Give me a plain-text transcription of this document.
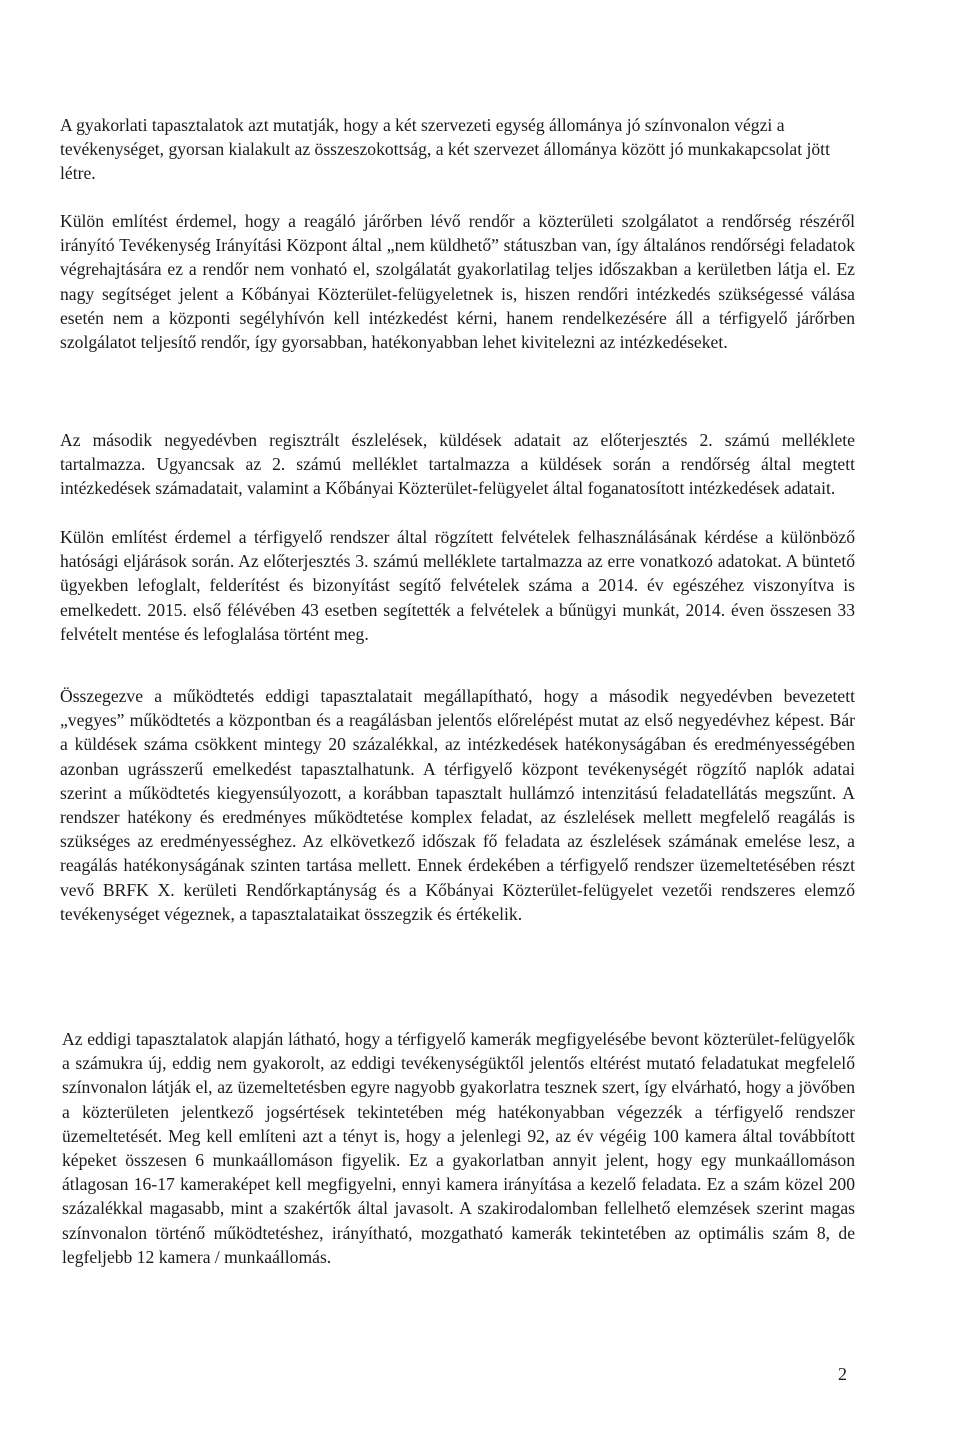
A gyakorlati tapasztalatok azt mutatják, hogy a két szervezeti egység állománya jó színvonalon végzi a tevékenységet, gyorsan kialakult az összeszokottság, a két szervezet állománya között jó munkakapcsolat jött létre.

Külön említést érdemel, hogy a reagáló járőrben lévő rendőr a közterületi szolgálatot a rendőrség részéről irányító Tevékenység Irányítási Központ által „nem küldhető” státuszban van, így általános rendőrségi feladatok végrehajtására ez a rendőr nem vonható el, szolgálatát gyakorlatilag teljes időszakban a kerületben látja el. Ez nagy segítséget jelent a Kőbányai Közterület-felügyeletnek is, hiszen rendőri intézkedés szükségessé válása esetén nem a központi segélyhívón kell intézkedést kérni, hanem rendelkezésére áll a térfigyelő járőrben szolgálatot teljesítő rendőr, így gyorsabban, hatékonyabban lehet kivitelezni az intézkedéseket.

Az második negyedévben regisztrált észlelések, küldések adatait az előterjesztés 2. számú melléklete tartalmazza. Ugyancsak az 2. számú melléklet tartalmazza a küldések során a rendőrség által megtett intézkedések számadatait, valamint a Kőbányai Közterület-felügyelet által foganatosított intézkedések adatait.

Külön említést érdemel a térfigyelő rendszer által rögzített felvételek felhasználásának kérdése a különböző hatósági eljárások során. Az előterjesztés 3. számú melléklete tartalmazza az erre vonatkozó adatokat. A büntető ügyekben lefoglalt, felderítést és bizonyítást segítő felvételek száma a 2014. év egészéhez viszonyítva is emelkedett. 2015. első félévében 43 esetben segítették a felvételek a bűnügyi munkát, 2014. éven összesen 33 felvételt mentése és lefoglalása történt meg.

Összegezve a működtetés eddigi tapasztalatait megállapítható, hogy a második negyedévben bevezetett „vegyes” működtetés a központban és a reagálásban jelentős előrelépést mutat az első negyedévhez képest. Bár a küldések száma csökkent mintegy 20 százalékkal, az intézkedések hatékonyságában és eredményességében azonban ugrásszerű emelkedést tapasztalhatunk. A térfigyelő központ tevékenységét rögzítő naplók adatai szerint a működtetés kiegyensúlyozott, a korábban tapasztalt hullámzó intenzitású feladatellátás megszűnt. A rendszer hatékony és eredményes működtetése komplex feladat, az észlelések mellett megfelelő reagálás is szükséges az eredményességhez. Az elkövetkező időszak fő feladata az észlelések számának emelése lesz, a reagálás hatékonyságának szinten tartása mellett. Ennek érdekében a térfigyelő rendszer üzemeltetésében részt vevő BRFK X. kerületi Rendőrkaptányság és a Kőbányai Közterület-felügyelet vezetői rendszeres elemző tevékenységet végeznek, a tapasztalataikat összegzik és értékelik.

Az eddigi tapasztalatok alapján látható, hogy a térfigyelő kamerák megfigyelésébe bevont közterület-felügyelők a számukra új, eddig nem gyakorolt, az eddigi tevékenységüktől jelentős eltérést mutató feladatukat megfelelő színvonalon látják el, az üzemeltetésben egyre nagyobb gyakorlatra tesznek szert, így elvárható, hogy a jövőben a közterületen jelentkező jogsértések tekintetében még hatékonyabban végezzék a térfigyelő rendszer üzemeltetését. Meg kell említeni azt a tényt is, hogy a jelenlegi 92, az év végéig 100 kamera által továbbított képeket összesen 6 munkaállomáson figyelik. Ez a gyakorlatban annyit jelent, hogy egy munkaállomáson átlagosan 16-17 kameraképet kell megfigyelni, ennyi kamera irányítása a kezelő feladata. Ez a szám közel 200 százalékkal magasabb, mint a szakértők által javasolt. A szakirodalomban fellelhető elemzések szerint magas színvonalon történő működtetéshez, irányítható, mozgatható kamerák tekintetében az optimális szám 8, de legfeljebb 12 kamera / munkaállomás.

2
